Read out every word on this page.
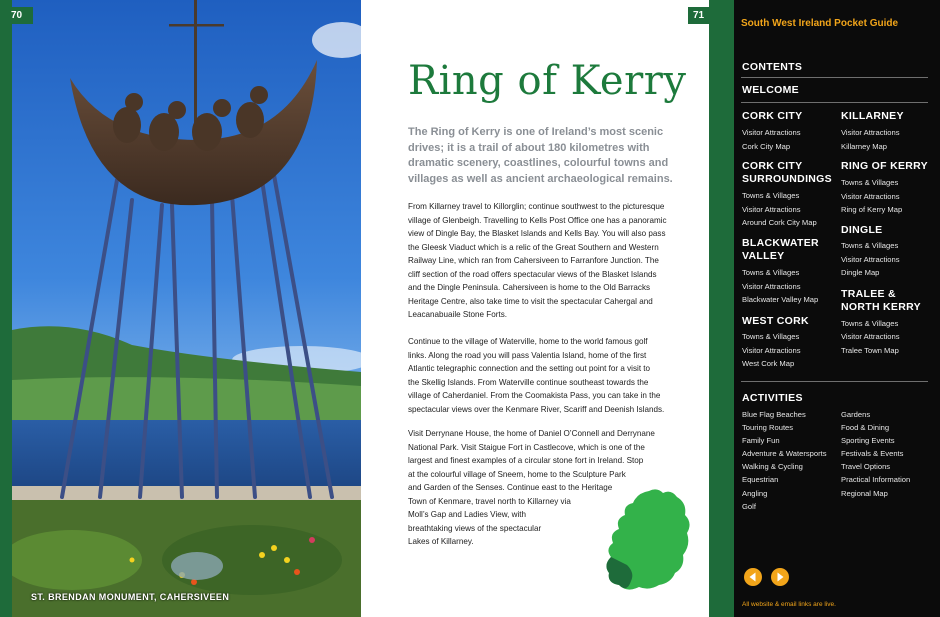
70
ST. BRENDAN MONUMENT, CAHERSIVEEN
71
Ring of Kerry
The Ring of Kerry is one of Ireland’s most scenic drives; it is a trail of about 180 kilometres with dramatic scenery, coastlines, colourful towns and villages as well as ancient archaeological remains.
From Killarney travel to Killorglin; continue southwest to the picturesque
village of Glenbeigh. Travelling to Kells Post Office one has a panoramic
view of Dingle Bay, the Blasket Islands and Kells Bay. You will also pass
the Gleesk Viaduct which is a relic of the Great Southern and Western
Railway Line, which ran from Cahersiveen to Farranfore Junction. The
cliff section of the road offers spectacular views of the Blasket Islands
and the Dingle Peninsula. Cahersiveen is home to the Old Barracks
Heritage Centre, also take time to visit the spectacular Cahergal and
Leacanabuaile Stone Forts.
Continue to the village of Waterville, home to the world famous golf
links. Along the road you will pass Valentia Island, home of the first
Atlantic telegraphic connection and the setting out point for a visit to
the Skellig Islands. From Waterville continue southeast towards the
village of Caherdaniel. From the Coomakista Pass, you can take in the
spectacular views over the Kenmare River, Scariff and Deenish Islands.
Visit Derrynane House, the home of Daniel O’Connell and Derrynane
National Park. Visit Staigue Fort in Castlecove, which is one of the
largest and finest examples of a circular stone fort in Ireland. Stop
at the colourful village of Sneem, home to the Sculpture Park
and Garden of the Senses. Continue east to the Heritage
Town of Kenmare, travel north to Killarney via
Moll’s Gap and Ladies View, with
breathtaking views of the spectacular
Lakes of Killarney.
South West Ireland Pocket Guide
CONTENTS
WELCOME
CORK CITY
Visitor Attractions
Cork City Map
CORK CITY SURROUNDINGS
Towns & Villages
Visitor Attractions
Around Cork City Map
BLACKWATER VALLEY
Towns & Villages
Visitor Attractions
Blackwater Valley Map
WEST CORK
Towns & Villages
Visitor Attractions
West Cork Map
KILLARNEY
Visitor Attractions
Killarney Map
RING OF KERRY
Towns & Villages
Visitor Attractions
Ring of Kerry Map
DINGLE
Towns & Villages
Visitor Attractions
Dingle Map
TRALEE & NORTH KERRY
Towns & Villages
Visitor Attractions
Tralee Town Map
ACTIVITIES
Blue Flag Beaches
Touring Routes
Family Fun
Adventure & Watersports
Walking & Cycling
Equestrian
Angling
Golf
Gardens
Food & Dining
Sporting Events
Festivals & Events
Travel Options
Practical Information
Regional Map
All website & email links are live.
